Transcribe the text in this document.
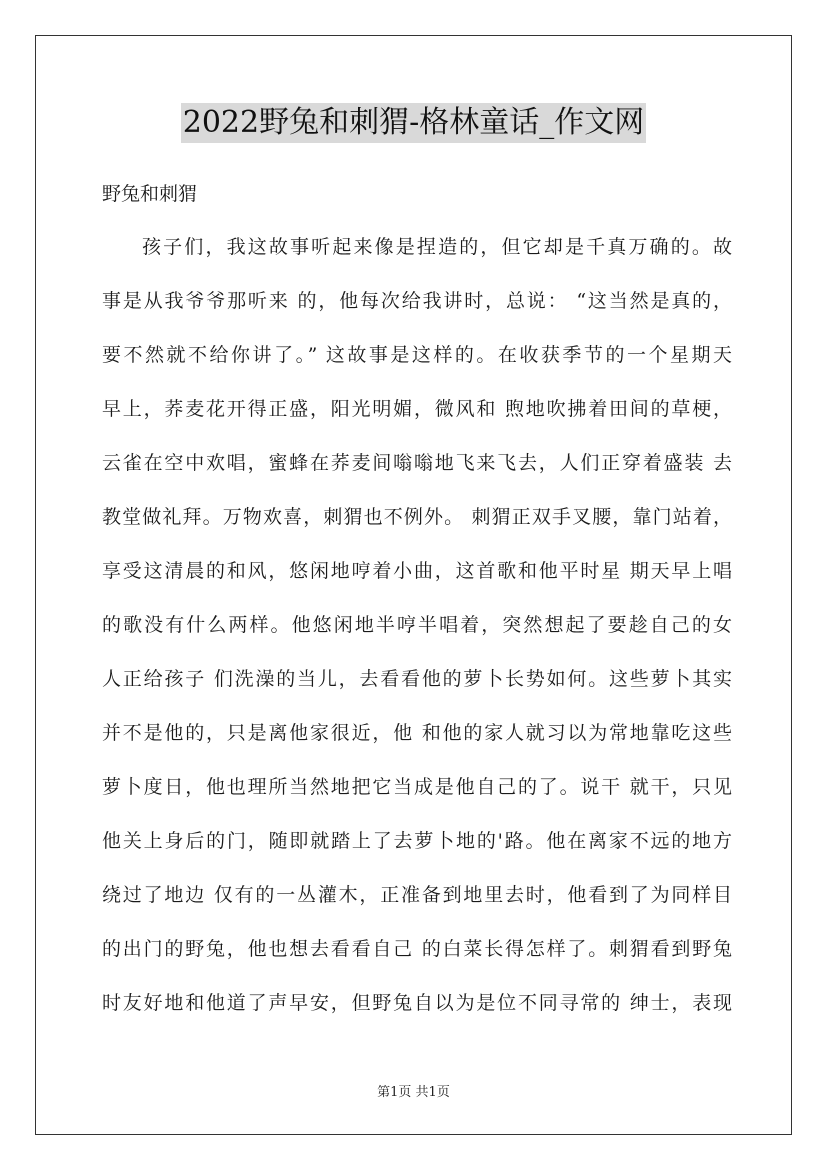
2022野兔和刺猬-格林童话_作文网
野兔和刺猬
孩子们，我这故事听起来像是捏造的，但它却是千真万确的。故
事是从我爷爷那听来 的，他每次给我讲时，总说： “这当然是真的，
要不然就不给你讲了。” 这故事是这样的。在收获季节的一个星期天
早上，荞麦花开得正盛，阳光明媚，微风和 煦地吹拂着田间的草梗，
云雀在空中欢唱，蜜蜂在荞麦间嗡嗡地飞来飞去，人们正穿着盛装 去
教堂做礼拜。万物欢喜，刺猬也不例外。 刺猬正双手叉腰，靠门站着，
享受这清晨的和风，悠闲地哼着小曲，这首歌和他平时星 期天早上唱
的歌没有什么两样。他悠闲地半哼半唱着，突然想起了要趁自己的女
人正给孩子 们洗澡的当儿，去看看他的萝卜长势如何。这些萝卜其实
并不是他的，只是离他家很近，他 和他的家人就习以为常地靠吃这些
萝卜度日，他也理所当然地把它当成是他自己的了。说干 就干，只见
他关上身后的门，随即就踏上了去萝卜地的'路。他在离家不远的地方
绕过了地边 仅有的一丛灌木，正准备到地里去时，他看到了为同样目
的出门的野兔，他也想去看看自己 的白菜长得怎样了。刺猬看到野兔
时友好地和他道了声早安，但野兔自以为是位不同寻常的 绅士，表现
第1页 共1页
